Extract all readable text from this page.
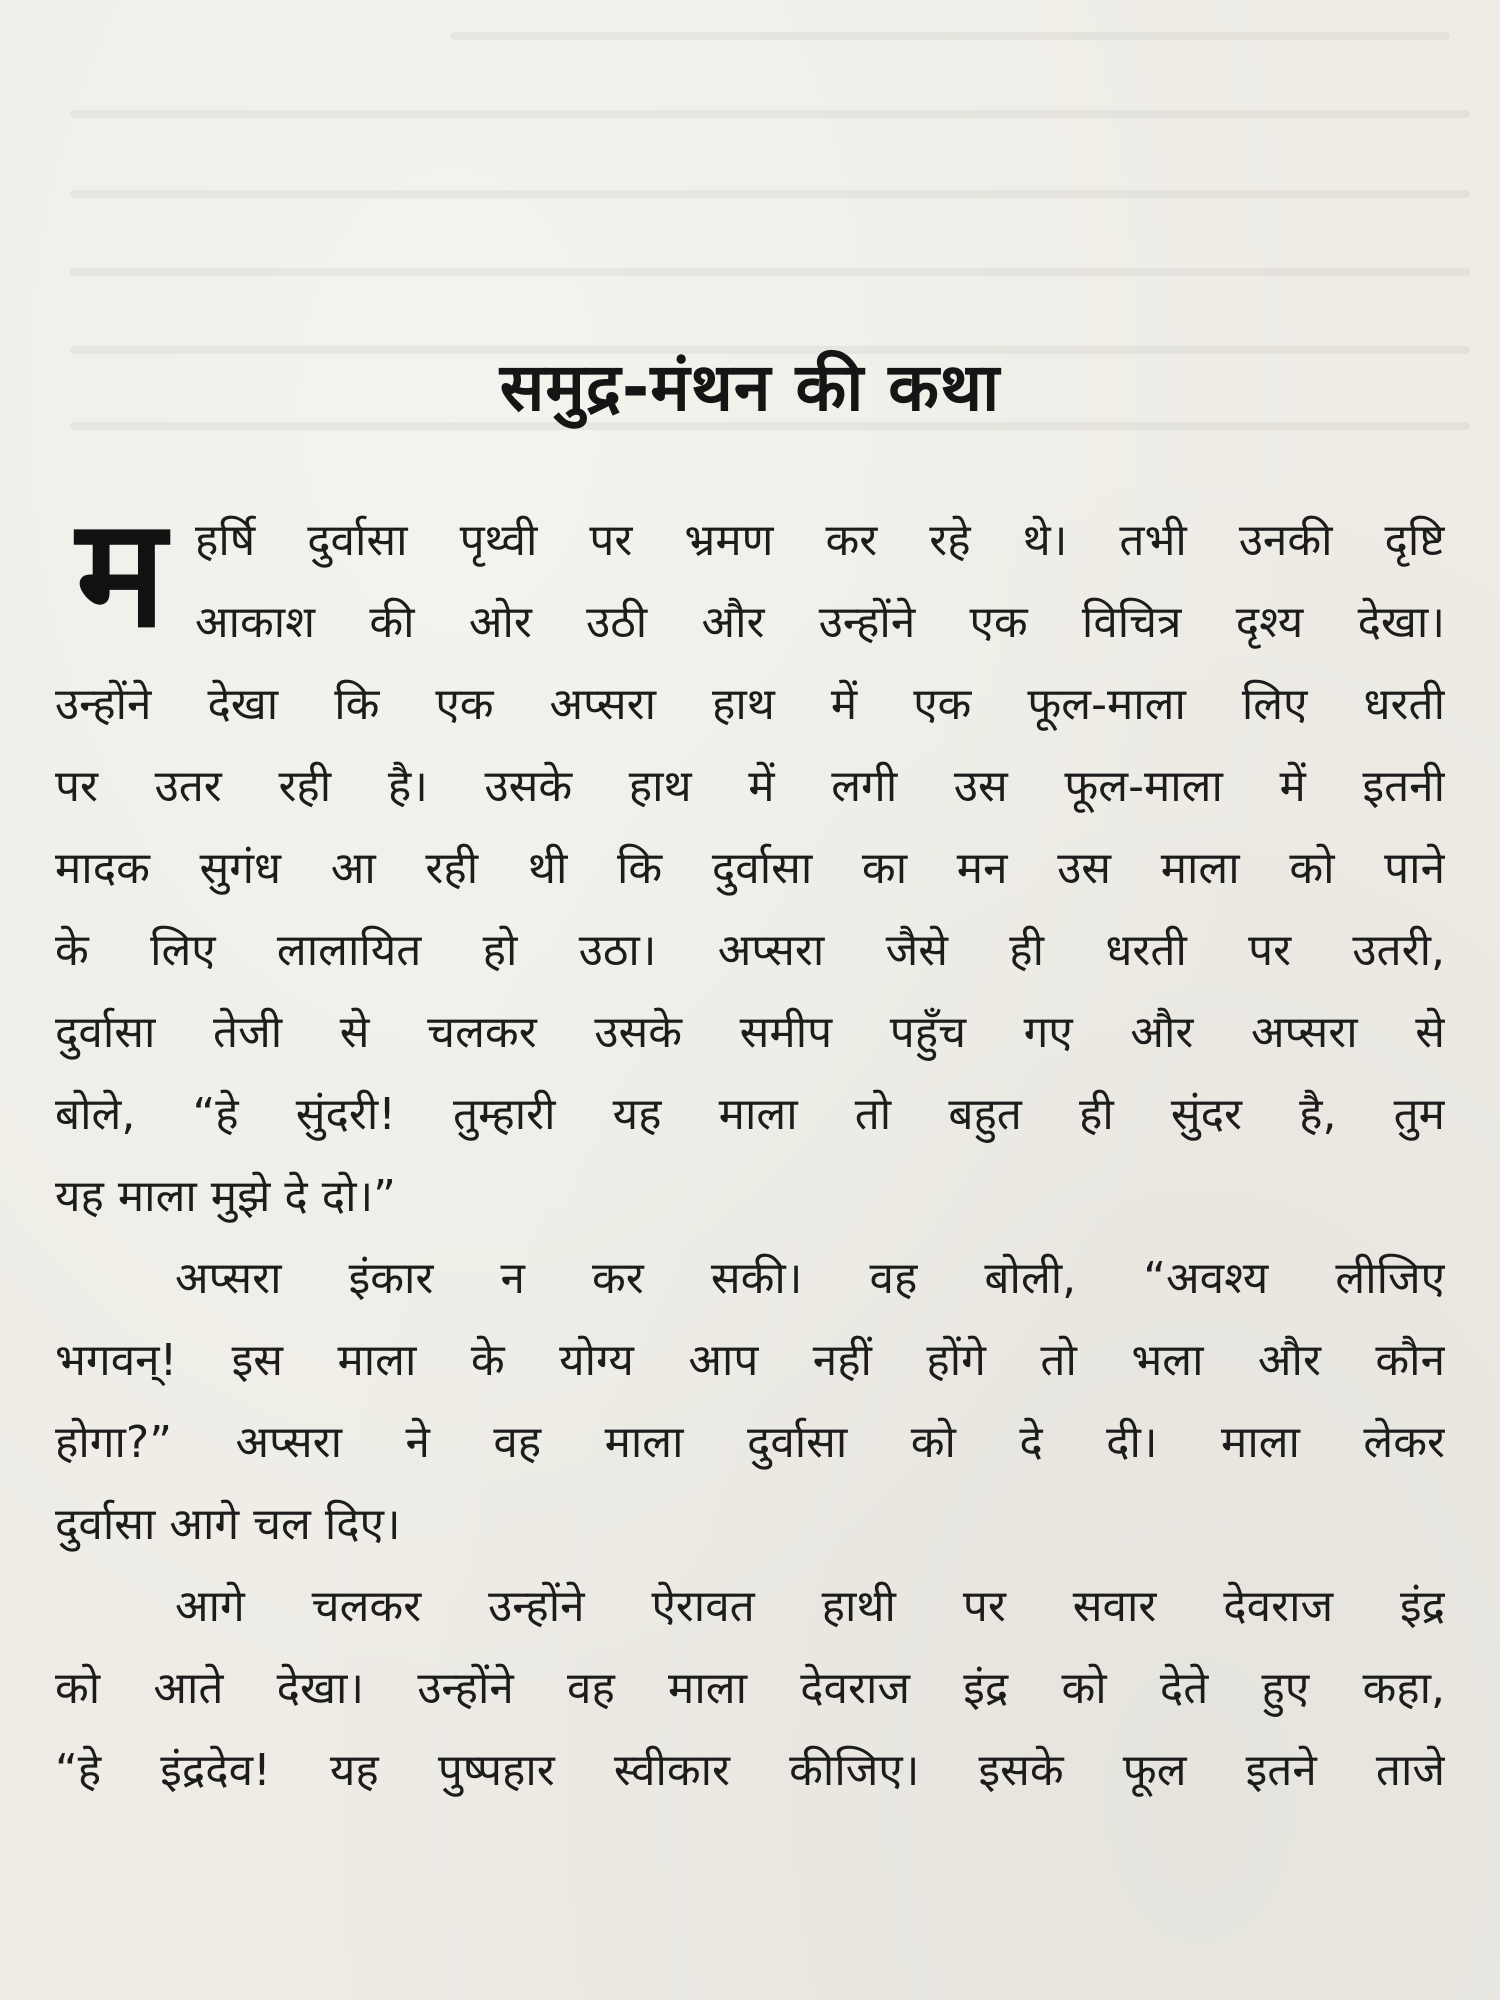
समुद्र-मंथन की कथा
म हर्षि दुर्वासा पृथ्वी पर भ्रमण कर रहे थे। तभी उनकी दृष्टि
आकाश की ओर उठी और उन्होंने एक विचित्र दृश्य देखा।
उन्होंने देखा कि एक अप्सरा हाथ में एक फूल-माला लिए धरती
पर उतर रही है। उसके हाथ में लगी उस फूल-माला में इतनी
मादक सुगंध आ रही थी कि दुर्वासा का मन उस माला को पाने
के लिए लालायित हो उठा। अप्सरा जैसे ही धरती पर उतरी,
दुर्वासा तेजी से चलकर उसके समीप पहुँच गए और अप्सरा से
बोले, “हे सुंदरी! तुम्हारी यह माला तो बहुत ही सुंदर है, तुम
यह माला मुझे दे दो।”
अप्सरा इंकार न कर सकी। वह बोली, “अवश्य लीजिए
भगवन्! इस माला के योग्य आप नहीं होंगे तो भला और कौन
होगा?” अप्सरा ने वह माला दुर्वासा को दे दी। माला लेकर
दुर्वासा आगे चल दिए।
आगे चलकर उन्होंने ऐरावत हाथी पर सवार देवराज इंद्र
को आते देखा। उन्होंने वह माला देवराज इंद्र को देते हुए कहा,
“हे इंद्रदेव! यह पुष्पहार स्वीकार कीजिए। इसके फूल इतने ताजे
